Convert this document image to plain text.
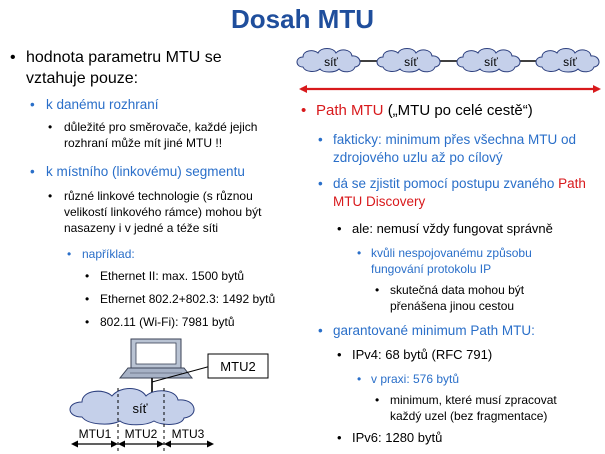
Dosah MTU
• hodnota parametru MTU se vztahuje pouze:
• k danému rozhraní
• důležité pro směrovače, každé jejich rozhraní může mít jiné MTU !!
• k místního (linkovému) segmentu
• různé linkové technologie (s různou velikostí linkového rámce) mohou být nasazeny i v jedné a téže síti
• například:
• Ethernet II: max. 1500 bytů
• Ethernet 802.2+802.3: 1492 bytů
• 802.11 (Wi-Fi): 7981 bytů
• Path MTU („MTU po celé cestě“)
• fakticky: minimum přes všechna MTU od zdrojového uzlu až po cílový
• dá se zjistit pomocí postupu zvaného Path MTU Discovery
• ale: nemusí vždy fungovat správně
• kvůli nespojovanému způsobu fungování protokolu IP
• skutečná data mohou být přenášena jinou cestou
• garantované minimum Path MTU:
• IPv4: 68 bytů (RFC 791)
• v praxi: 576 bytů
• minimum, které musí zpracovat každý uzel (bez fragmentace)
• IPv6: 1280 bytů
síť	síť	síť	síť
MTU2
síť
MTU1 MTU2 MTU3
